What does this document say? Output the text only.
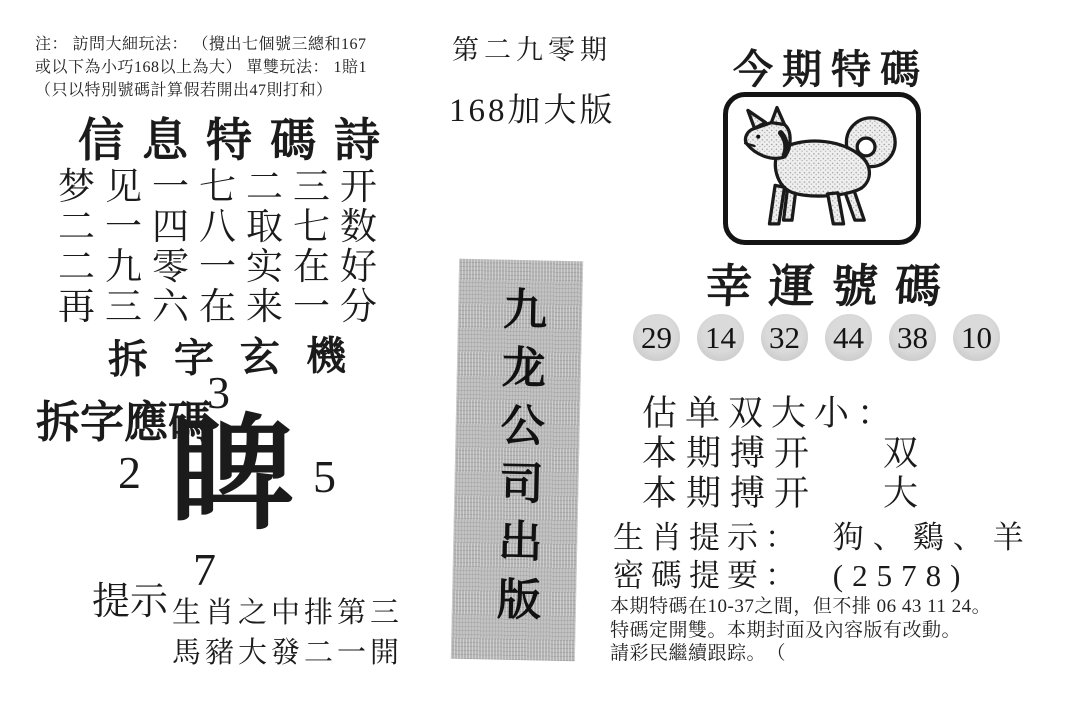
注： 訪問大細玩法： （攪出七個號三總和167
或以下為小巧168以上為大） 單雙玩法： 1賠1
（只以特別號碼計算假若開出47則打和）
第二九零期
168加大版
信息特碼詩
梦见一七二三开
二一四八取七数
二九零一实在好
再三六在来一分
拆字玄機
3
2	5
7
睥
拆字應碼
提示 生肖之中排第三
馬豬大發二一開
九龙公司出版
今期特碼
幸運號碼
29 14 32 44 38 10
估单双大小：
本期搏开 双
本期搏开 大
生肖提示： 狗、鷄、羊
密碼提要： (2578)
本期特碼在10-37之間，但不排 06 43 11 24。
特碼定開雙。本期封面及內容版有改動。
請彩民繼續跟踪。　（
